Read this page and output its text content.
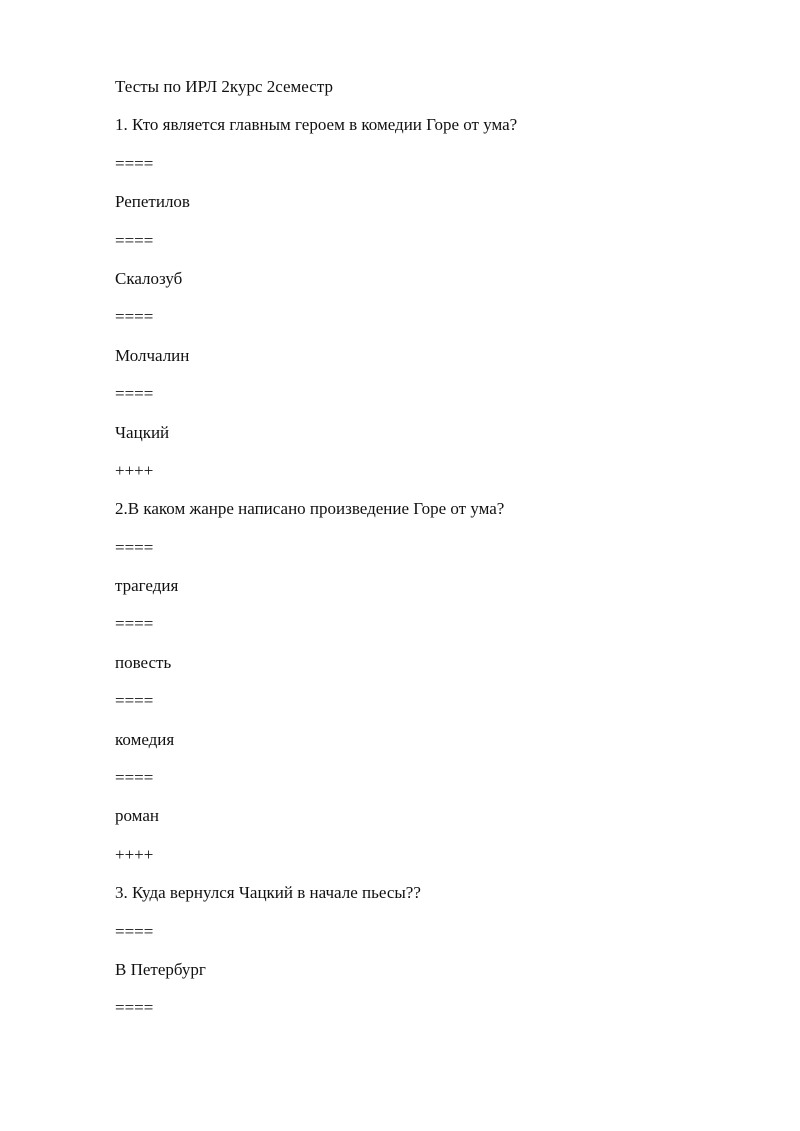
Тесты по ИРЛ 2курс 2семестр
1. Кто является главным героем в комедии Горе от ума?
====
Репетилов
====
Скалозуб
====
Молчалин
====
Чацкий
++++
2.В каком жанре написано произведение Горе от ума?
====
трагедия
====
повесть
====
комедия
====
роман
++++
3. Куда вернулся Чацкий в начале пьесы??
====
В Петербург
====
